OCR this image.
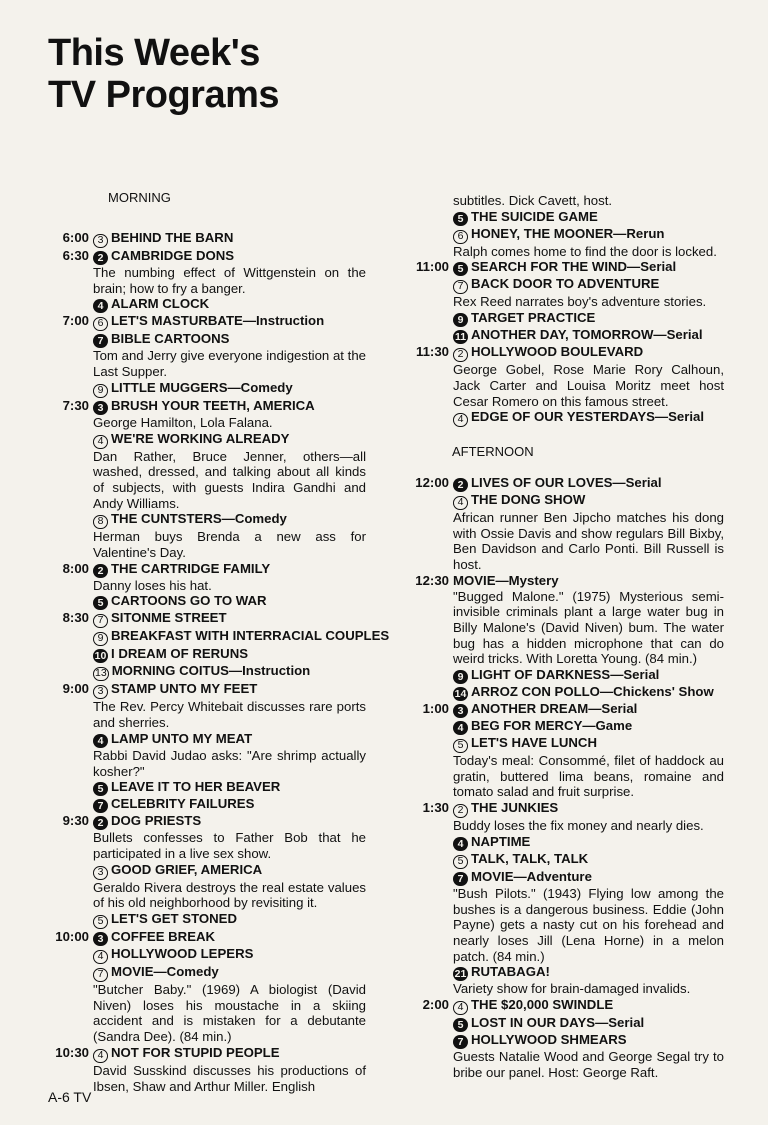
This Week's
TV Programs
MORNING
AFTERNOON
6:00 3 BEHIND THE BARN
6:30 2 CAMBRIDGE DONS
The numbing effect of Wittgenstein on the brain; how to fry a banger.
4 ALARM CLOCK
7:00 6 LET'S MASTURBATE—Instruction
7 BIBLE CARTOONS
Tom and Jerry give everyone indigestion at the Last Supper.
9 LITTLE MUGGERS—Comedy
7:30 3 BRUSH YOUR TEETH, AMERICA
George Hamilton, Lola Falana.
4 WE'RE WORKING ALREADY
Dan Rather, Bruce Jenner, others—all washed, dressed, and talking about all kinds of subjects, with guests Indira Gandhi and Andy Williams.
8 THE CUNTSTERS—Comedy
Herman buys Brenda a new ass for Valentine's Day.
8:00 2 THE CARTRIDGE FAMILY
Danny loses his hat.
5 CARTOONS GO TO WAR
8:30 7 SITONME STREET
9 BREAKFAST WITH INTERRACIAL COUPLES
10 I DREAM OF RERUNS
13 MORNING COITUS—Instruction
9:00 3 STAMP UNTO MY FEET
The Rev. Percy Whitebait discusses rare ports and sherries.
4 LAMP UNTO MY MEAT
Rabbi David Judao asks: "Are shrimp actually kosher?"
5 LEAVE IT TO HER BEAVER
7 CELEBRITY FAILURES
9:30 2 DOG PRIESTS
Bullets confesses to Father Bob that he participated in a live sex show.
3 GOOD GRIEF, AMERICA
Geraldo Rivera destroys the real estate values of his old neighborhood by revisiting it.
5 LET'S GET STONED
10:00 3 COFFEE BREAK
4 HOLLYWOOD LEPERS
7 MOVIE—Comedy
"Butcher Baby." (1969) A biologist (David Niven) loses his moustache in a skiing accident and is mistaken for a debutante (Sandra Dee). (84 min.)
10:30 4 NOT FOR STUPID PEOPLE
David Susskind discusses his productions of Ibsen, Shaw and Arthur Miller. English
subtitles. Dick Cavett, host.
5 THE SUICIDE GAME
6 HONEY, THE MOONER—Rerun
Ralph comes home to find the door is locked.
11:00 5 SEARCH FOR THE WIND—Serial
7 BACK DOOR TO ADVENTURE
Rex Reed narrates boy's adventure stories.
9 TARGET PRACTICE
11 ANOTHER DAY, TOMORROW—Serial
11:30 2 HOLLYWOOD BOULEVARD
George Gobel, Rose Marie Rory Calhoun, Jack Carter and Louisa Moritz meet host Cesar Romero on this famous street.
4 EDGE OF OUR YESTERDAYS—Serial
12:00 2 LIVES OF OUR LOVES—Serial
4 THE DONG SHOW
African runner Ben Jipcho matches his dong with Ossie Davis and show regulars Bill Bixby, Ben Davidson and Carlo Ponti. Bill Russell is host.
12:30 MOVIE—Mystery
"Bugged Malone." (1975) Mysterious semi-invisible criminals plant a large water bug in Billy Malone's (David Niven) bum. The water bug has a hidden microphone that can do weird tricks. With Loretta Young. (84 min.)
9 LIGHT OF DARKNESS—Serial
14 ARROZ CON POLLO—Chickens' Show
1:00 3 ANOTHER DREAM—Serial
4 BEG FOR MERCY—Game
5 LET'S HAVE LUNCH
Today's meal: Consommé, filet of haddock au gratin, buttered lima beans, romaine and tomato salad and fruit surprise.
1:30 2 THE JUNKIES
Buddy loses the fix money and nearly dies.
4 NAPTIME
5 TALK, TALK, TALK
7 MOVIE—Adventure
"Bush Pilots." (1943) Flying low among the bushes is a dangerous business. Eddie (John Payne) gets a nasty cut on his forehead and nearly loses Jill (Lena Horne) in a melon patch. (84 min.)
21 RUTABAGA!
Variety show for brain-damaged invalids.
2:00 4 THE $20,000 SWINDLE
5 LOST IN OUR DAYS—Serial
7 HOLLYWOOD SHMEARS
Guests Natalie Wood and George Segal try to bribe our panel. Host: George Raft.
A-6 TV
